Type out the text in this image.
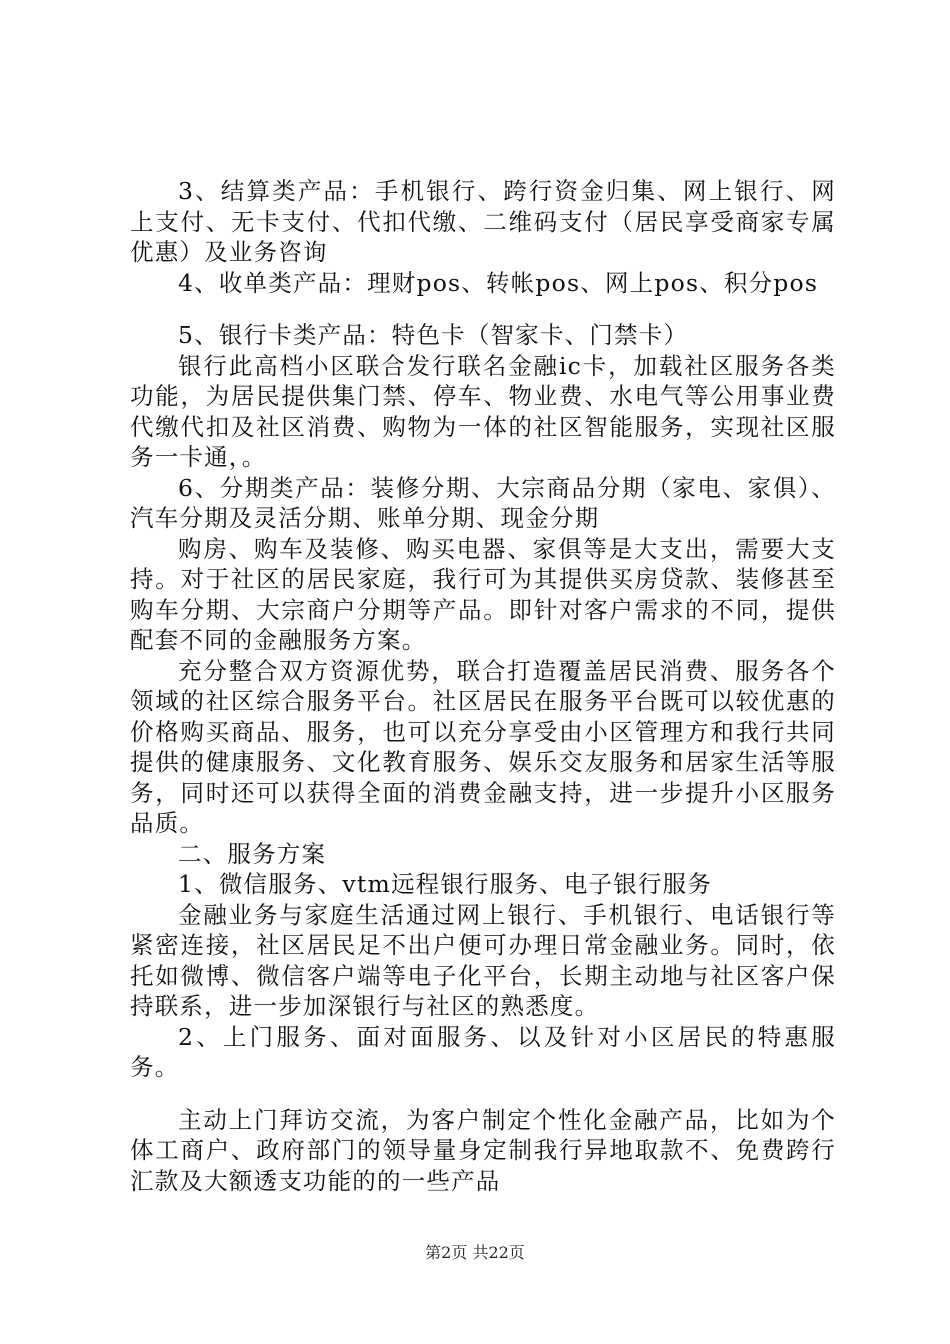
3、结算类产品：手机银行、跨行资金归集、网上银行、网上支付、无卡支付、代扣代缴、二维码支付（居民享受商家专属优惠）及业务咨询

4、收单类产品：理财pos、转帐pos、网上pos、积分pos

5、银行卡类产品：特色卡（智家卡、门禁卡）

银行此高档小区联合发行联名金融ic卡，加载社区服务各类功能，为居民提供集门禁、停车、物业费、水电气等公用事业费代缴代扣及社区消费、购物为一体的社区智能服务，实现社区服务一卡通，。

6、分期类产品：装修分期、大宗商品分期（家电、家俱）、汽车分期及灵活分期、账单分期、现金分期

购房、购车及装修、购买电器、家俱等是大支出，需要大支持。对于社区的居民家庭，我行可为其提供买房贷款、装修甚至购车分期、大宗商户分期等产品。即针对客户需求的不同，提供配套不同的金融服务方案。

充分整合双方资源优势，联合打造覆盖居民消费、服务各个领域的社区综合服务平台。社区居民在服务平台既可以较优惠的价格购买商品、服务，也可以充分享受由小区管理方和我行共同提供的健康服务、文化教育服务、娱乐交友服务和居家生活等服务，同时还可以获得全面的消费金融支持，进一步提升小区服务品质。

二、服务方案

1、微信服务、vtm远程银行服务、电子银行服务

金融业务与家庭生活通过网上银行、手机银行、电话银行等紧密连接，社区居民足不出户便可办理日常金融业务。同时，依托如微博、微信客户端等电子化平台，长期主动地与社区客户保持联系，进一步加深银行与社区的熟悉度。

2、上门服务、面对面服务、以及针对小区居民的特惠服务。

主动上门拜访交流，为客户制定个性化金融产品，比如为个体工商户、政府部门的领导量身定制我行异地取款不、免费跨行汇款及大额透支功能的的一些产品

第2页 共22页
